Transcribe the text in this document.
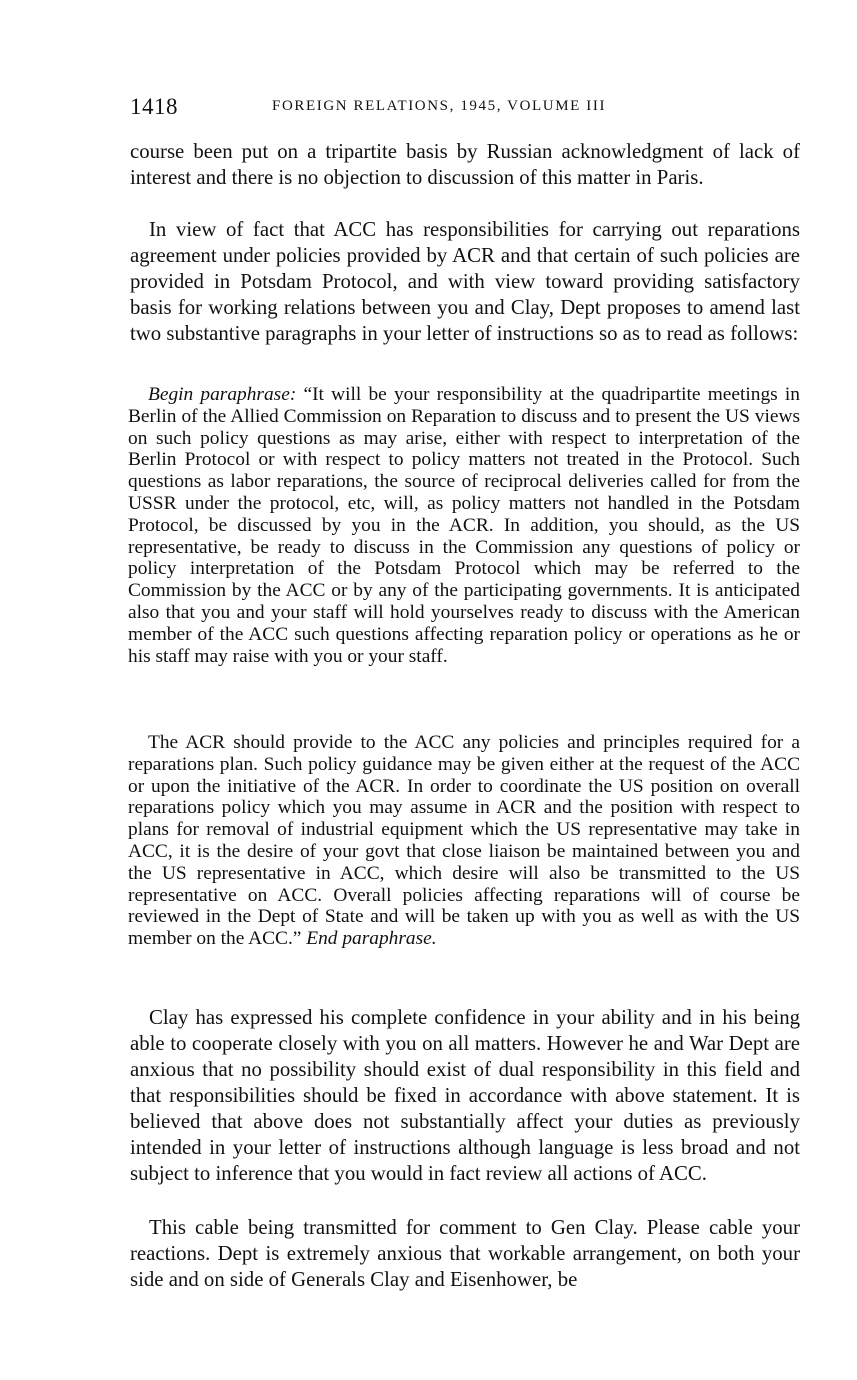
1418	FOREIGN RELATIONS, 1945, VOLUME III

course been put on a tripartite basis by Russian acknowledgment of lack of interest and there is no objection to discussion of this matter in Paris.

In view of fact that ACC has responsibilities for carrying out reparations agreement under policies provided by ACR and that certain of such policies are provided in Potsdam Protocol, and with view toward providing satisfactory basis for working relations between you and Clay, Dept proposes to amend last two substantive paragraphs in your letter of instructions so as to read as follows:

Begin paraphrase: “It will be your responsibility at the quadripartite meetings in Berlin of the Allied Commission on Reparation to discuss and to present the US views on such policy questions as may arise, either with respect to interpretation of the Berlin Protocol or with respect to policy matters not treated in the Protocol. Such questions as labor reparations, the source of reciprocal deliveries called for from the USSR under the protocol, etc, will, as policy matters not handled in the Potsdam Protocol, be discussed by you in the ACR. In addition, you should, as the US representative, be ready to discuss in the Commission any questions of policy or policy interpretation of the Potsdam Protocol which may be referred to the Commission by the ACC or by any of the participating governments. It is anticipated also that you and your staff will hold yourselves ready to discuss with the American member of the ACC such questions affecting reparation policy or operations as he or his staff may raise with you or your staff.

The ACR should provide to the ACC any policies and principles required for a reparations plan. Such policy guidance may be given either at the request of the ACC or upon the initiative of the ACR. In order to coordinate the US position on overall reparations policy which you may assume in ACR and the position with respect to plans for removal of industrial equipment which the US representative may take in ACC, it is the desire of your govt that close liaison be maintained between you and the US representative in ACC, which desire will also be transmitted to the US representative on ACC. Overall policies affecting reparations will of course be reviewed in the Dept of State and will be taken up with you as well as with the US member on the ACC.” End paraphrase.

Clay has expressed his complete confidence in your ability and in his being able to cooperate closely with you on all matters. However he and War Dept are anxious that no possibility should exist of dual responsibility in this field and that responsibilities should be fixed in accordance with above statement. It is believed that above does not substantially affect your duties as previously intended in your letter of instructions although language is less broad and not subject to inference that you would in fact review all actions of ACC.

This cable being transmitted for comment to Gen Clay. Please cable your reactions. Dept is extremely anxious that workable arrangement, on both your side and on side of Generals Clay and Eisenhower, be
